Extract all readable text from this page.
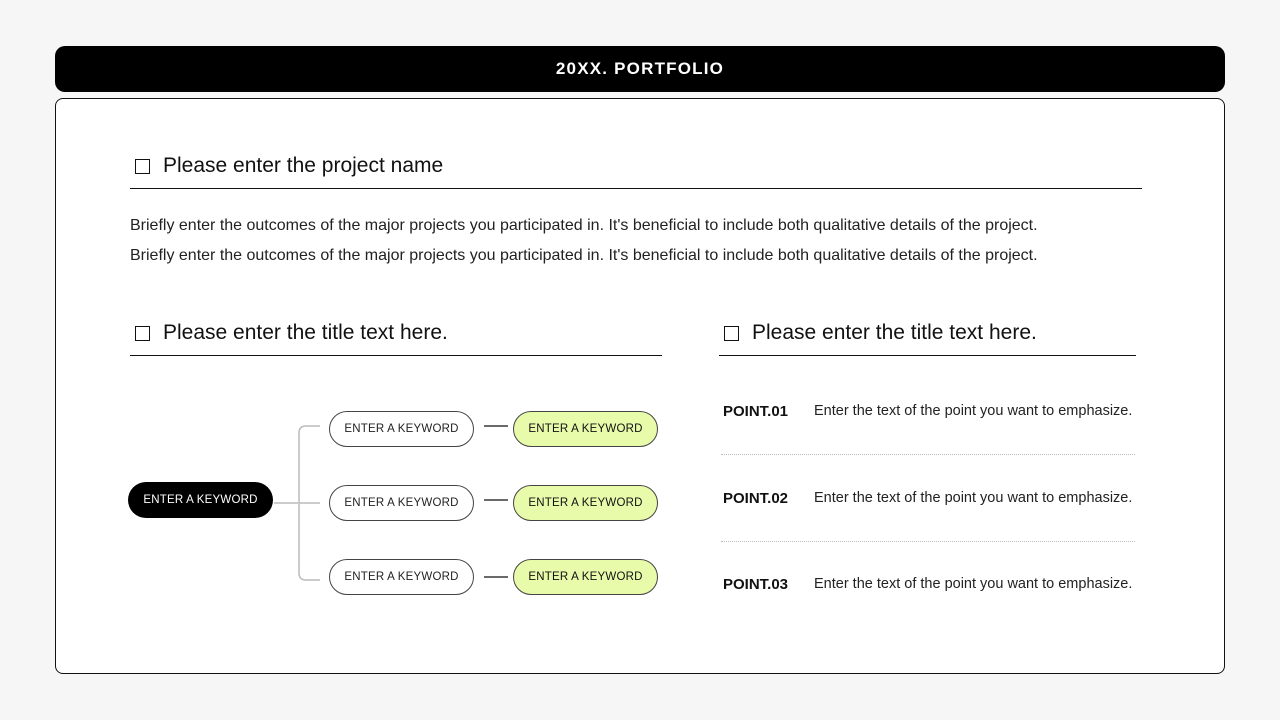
20XX. PORTFOLIO
Please enter the project name
Briefly enter the outcomes of the major projects you participated in. It's beneficial to include both qualitative details of the project.
Briefly enter the outcomes of the major projects you participated in. It's beneficial to include both qualitative details of the project.
Please enter the title text here.	Please enter the title text here.
ENTER A KEYWORD
ENTER A KEYWORD
ENTER A KEYWORD
ENTER A KEYWORD
ENTER A KEYWORD
ENTER A KEYWORD
ENTER A KEYWORD
POINT.01	Enter the text of the point you want to emphasize.
POINT.02	Enter the text of the point you want to emphasize.
POINT.03	Enter the text of the point you want to emphasize.
